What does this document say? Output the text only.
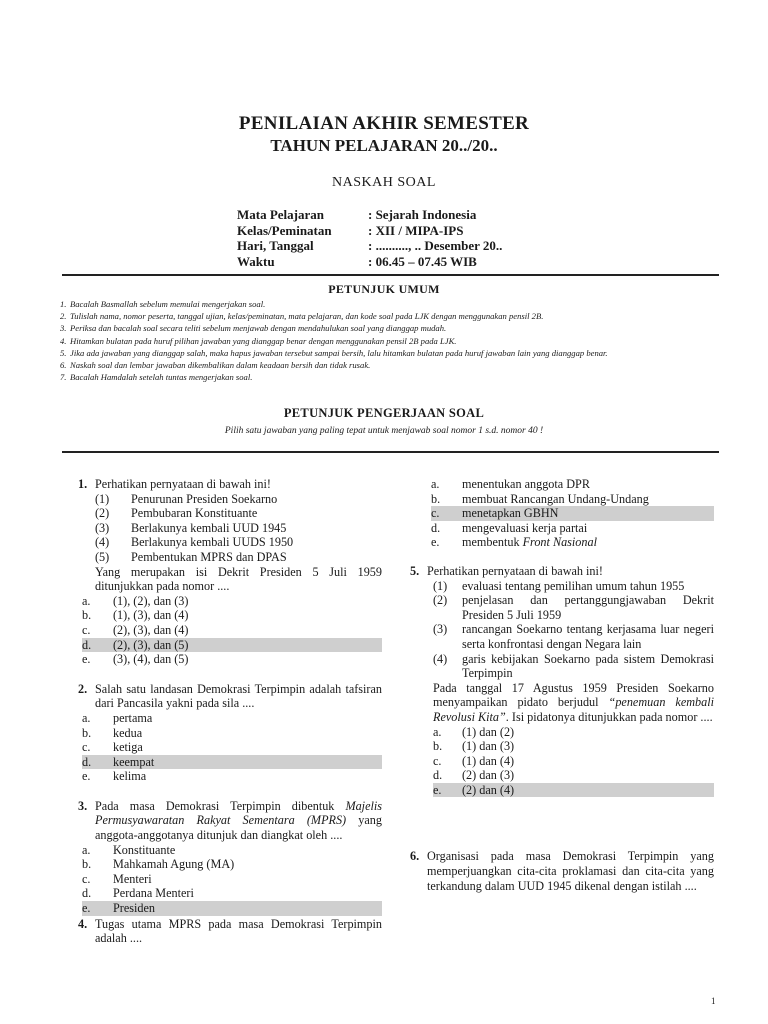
PENILAIAN AKHIR SEMESTER
TAHUN PELAJARAN 20../20..
NASKAH SOAL
Mata Pelajaran	: Sejarah Indonesia
Kelas/Peminatan	: XII / MIPA-IPS
Hari, Tanggal	: .........., .. Desember 20..
Waktu	: 06.45 – 07.45 WIB
PETUNJUK UMUM
1. Bacalah Basmallah sebelum memulai mengerjakan soal.
2. Tulislah nama, nomor peserta, tanggal ujian, kelas/peminatan, mata pelajaran, dan kode soal pada LJK dengan menggunakan pensil 2B.
3. Periksa dan bacalah soal secara teliti sebelum menjawab dengan mendahulukan soal yang dianggap mudah.
4. Hitamkan bulatan pada huruf pilihan jawaban yang dianggap benar dengan menggunakan pensil 2B pada LJK.
5. Jika ada jawaban yang dianggap salah, maka hapus jawaban tersebut sampai bersih, lalu hitamkan bulatan pada huruf jawaban lain yang dianggap benar.
6. Naskah soal dan lembar jawaban dikembalikan dalam keadaan bersih dan tidak rusak.
7. Bacalah Hamdalah setelah tuntas mengerjakan soal.
PETUNJUK PENGERJAAN SOAL
Pilih satu jawaban yang paling tepat untuk menjawab soal nomor 1 s.d. nomor 40 !
1. Perhatikan pernyataan di bawah ini!
(1) Penurunan Presiden Soekarno
(2) Pembubaran Konstituante
(3) Berlakunya kembali UUD 1945
(4) Berlakunya kembali UUDS 1950
(5) Pembentukan MPRS dan DPAS
Yang merupakan isi Dekrit Presiden 5 Juli 1959 ditunjukkan pada nomor ....
a. (1), (2), dan (3)
b. (1), (3), dan (4)
c. (2), (3), dan (4)
d. (2), (3), dan (5)
e. (3), (4), dan (5)
2. Salah satu landasan Demokrasi Terpimpin adalah tafsiran dari Pancasila yakni pada sila ....
a. pertama
b. kedua
c. ketiga
d. keempat
e. kelima
3. Pada masa Demokrasi Terpimpin dibentuk Majelis Permusyawaratan Rakyat Sementara (MPRS) yang anggota-anggotanya ditunjuk dan diangkat oleh ....
a. Konstituante
b. Mahkamah Agung (MA)
c. Menteri
d. Perdana Menteri
e. Presiden
4. Tugas utama MPRS pada masa Demokrasi Terpimpin adalah ....
a. menentukan anggota DPR
b. membuat Rancangan Undang-Undang
c. menetapkan GBHN
d. mengevaluasi kerja partai
e. membentuk Front Nasional
5. Perhatikan pernyataan di bawah ini!
(1) evaluasi tentang pemilihan umum tahun 1955
(2) penjelasan dan pertanggungjawaban Dekrit Presiden 5 Juli 1959
(3) rancangan Soekarno tentang kerjasama luar negeri serta konfrontasi dengan Negara lain
(4) garis kebijakan Soekarno pada sistem Demokrasi Terpimpin
Pada tanggal 17 Agustus 1959 Presiden Soekarno menyampaikan pidato berjudul “penemuan kembali Revolusi Kita”. Isi pidatonya ditunjukkan pada nomor ....
a. (1) dan (2)
b. (1) dan (3)
c. (1) dan (4)
d. (2) dan (3)
e. (2) dan (4)
6. Organisasi pada masa Demokrasi Terpimpin yang memperjuangkan cita-cita proklamasi dan cita-cita yang terkandung dalam UUD 1945 dikenal dengan istilah ....
1
